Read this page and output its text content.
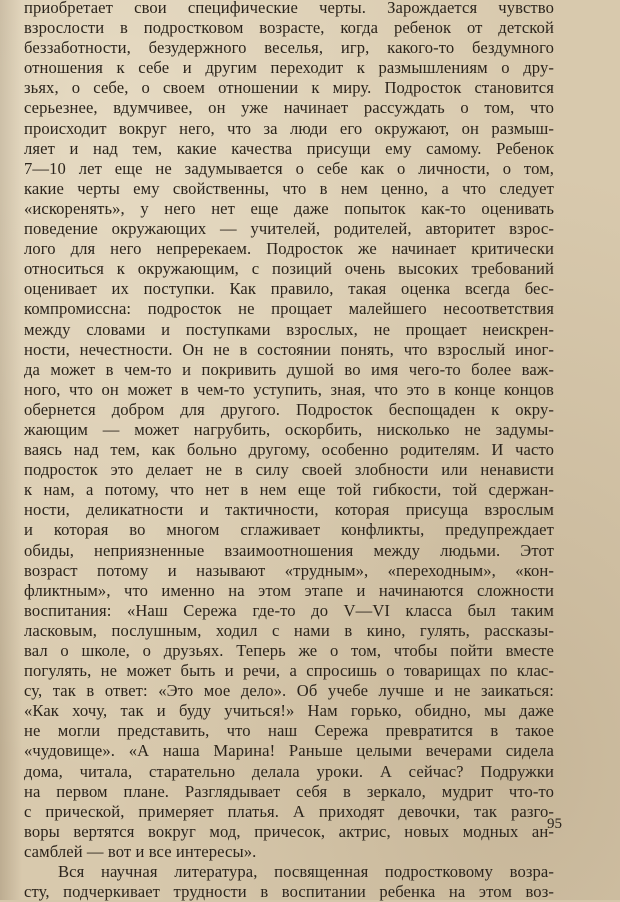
приобретает свои специфические черты. Зарождается чувство
взрослости в подростковом возрасте, когда ребенок от детской
беззаботности, безудержного веселья, игр, какого-то бездумного
отношения к себе и другим переходит к размышлениям о дру-
зьях, о себе, о своем отношении к миру. Подросток становится
серьезнее, вдумчивее, он уже начинает рассуждать о том, что
происходит вокруг него, что за люди его окружают, он размыш-
ляет и над тем, какие качества присущи ему самому. Ребенок
7—10 лет еще не задумывается о себе как о личности, о том,
какие черты ему свойственны, что в нем ценно, а что следует
«искоренять», у него нет еще даже попыток как-то оценивать
поведение окружающих — учителей, родителей, авторитет взрос-
лого для него непререкаем. Подросток же начинает критически
относиться к окружающим, с позиций очень высоких требований
оценивает их поступки. Как правило, такая оценка всегда бес-
компромиссна: подросток не прощает малейшего несоответствия
между словами и поступками взрослых, не прощает неискрен-
ности, нечестности. Он не в состоянии понять, что взрослый иног-
да может в чем-то и покривить душой во имя чего-то более важ-
ного, что он может в чем-то уступить, зная, что это в конце концов
обернется добром для другого. Подросток беспощаден к окру-
жающим — может нагрубить, оскорбить, нисколько не задумы-
ваясь над тем, как больно другому, особенно родителям. И часто
подросток это делает не в силу своей злобности или ненависти
к нам, а потому, что нет в нем еще той гибкости, той сдержан-
ности, деликатности и тактичности, которая присуща взрослым
и которая во многом сглаживает конфликты, предупреждает
обиды, неприязненные взаимоотношения между людьми. Этот
возраст потому и называют «трудным», «переходным», «кон-
фликтным», что именно на этом этапе и начинаются сложности
воспитания: «Наш Сережа где-то до V—VI класса был таким
ласковым, послушным, ходил с нами в кино, гулять, рассказы-
вал о школе, о друзьях. Теперь же о том, чтобы пойти вместе
погулять, не может быть и речи, а спросишь о товарищах по клас-
су, так в ответ: «Это мое дело». Об учебе лучше и не заикаться:
«Как хочу, так и буду учиться!» Нам горько, обидно, мы даже
не могли представить, что наш Сережа превратится в такое
«чудовище». «А наша Марина! Раньше целыми вечерами сидела
дома, читала, старательно делала уроки. А сейчас? Подружки
на первом плане. Разглядывает себя в зеркало, мудрит что-то
с прической, примеряет платья. А приходят девочки, так разго-
воры вертятся вокруг мод, причесок, актрис, новых модных ан-
самблей — вот и все интересы».
Вся научная литература, посвященная подростковому возра-
сту, подчеркивает трудности в воспитании ребенка на этом воз-
95
